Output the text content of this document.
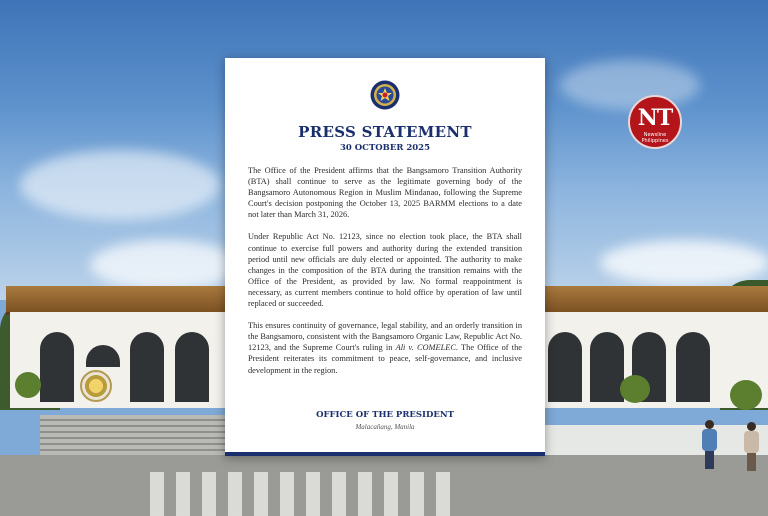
NT
Newsline Philippines
PRESS STATEMENT
30 OCTOBER 2025

The Office of the President affirms that the Bangsamoro Transition Authority (BTA) shall continue to serve as the legitimate governing body of the Bangsamoro Autonomous Region in Muslim Mindanao, following the Supreme Court's decision postponing the October 13, 2025 BARMM elections to a date not later than March 31, 2026.

Under Republic Act No. 12123, since no election took place, the BTA shall continue to exercise full powers and authority during the extended transition period until new officials are duly elected or appointed. The authority to make changes in the composition of the BTA during the transition remains with the Office of the President, as provided by law. No formal reappointment is necessary, as current members continue to hold office by operation of law until replaced or succeeded.

This ensures continuity of governance, legal stability, and an orderly transition in the Bangsamoro, consistent with the Bangsamoro Organic Law, Republic Act No. 12123, and the Supreme Court's ruling in Ali v. COMELEC. The Office of the President reiterates its commitment to peace, self-governance, and inclusive development in the region.

OFFICE OF THE PRESIDENT
Malacañang, Manila
